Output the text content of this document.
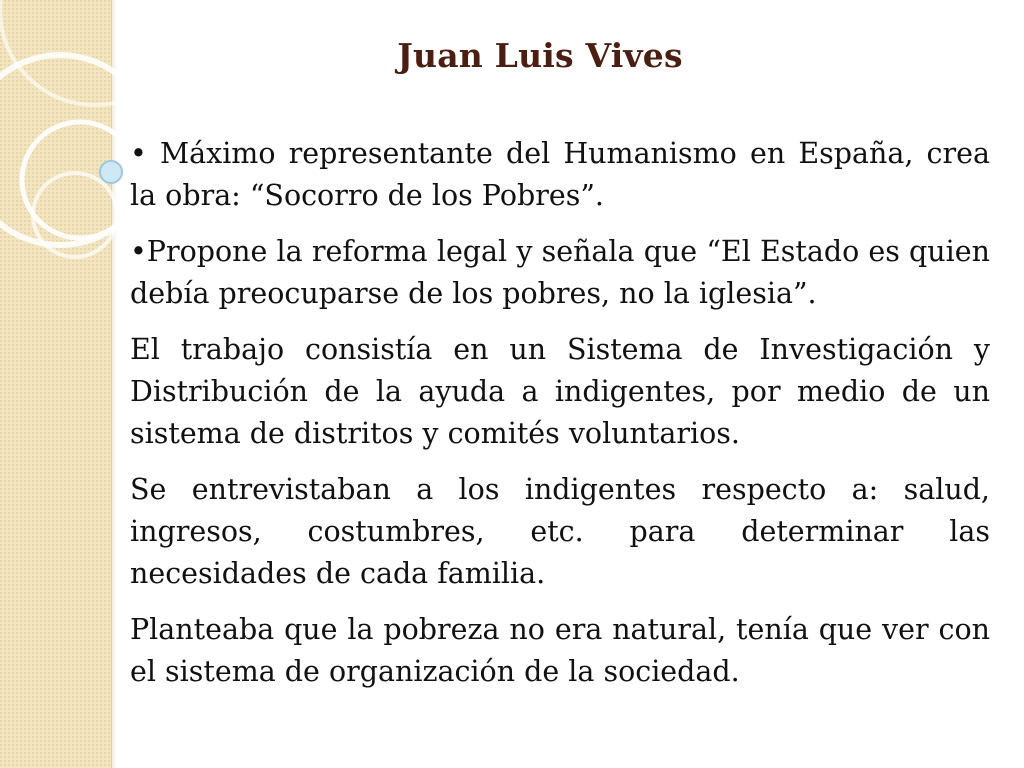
Juan Luis Vives

• Máximo representante del Humanismo en España, crea la obra: “Socorro de los Pobres”.

•Propone la reforma legal y señala que “El Estado es quien debía preocuparse de los pobres, no la iglesia”.

El trabajo consistía en un Sistema de Investigación y Distribución de la ayuda a indigentes, por medio de un sistema de distritos y comités voluntarios.

Se entrevistaban a los indigentes respecto a: salud, ingresos, costumbres, etc. para determinar las necesidades de cada familia.

Planteaba que la pobreza no era natural, tenía que ver con el sistema de organización de la sociedad.
